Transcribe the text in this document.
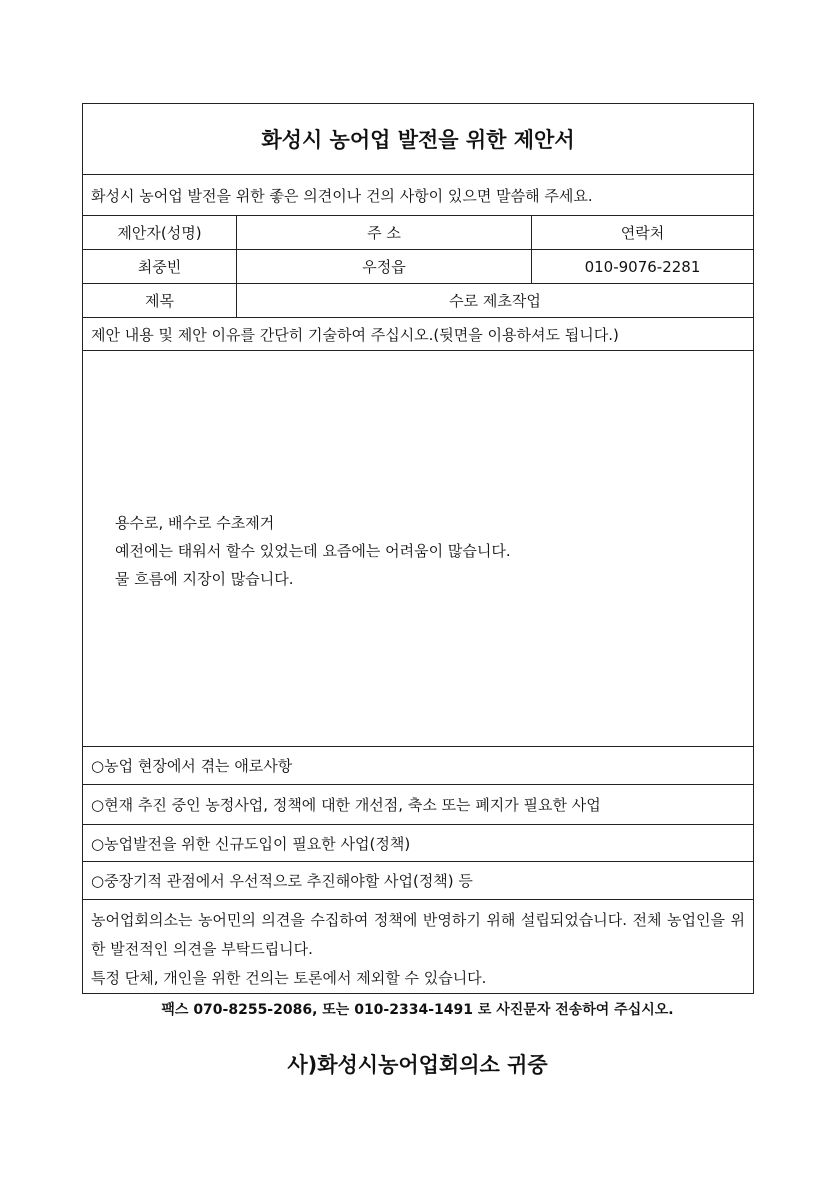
화성시 농어업 발전을 위한 제안서
화성시 농어업 발전을 위한 좋은 의견이나 건의 사항이 있으면 말씀해 주세요.
제안자(성명)	주 소	연락처
최중빈	우정읍	010-9076-2281
제목	수로 제초작업
제안 내용 및 제안 이유를 간단히 기술하여 주십시오.(뒷면을 이용하셔도 됩니다.)
용수로, 배수로 수초제거
예전에는 태워서 할수 있었는데 요즘에는 어려움이 많습니다.
물 흐름에 지장이 많습니다.
○농업 현장에서 겪는 애로사항
○현재 추진 중인 농정사업, 정책에 대한 개선점, 축소 또는 폐지가 필요한 사업
○농업발전을 위한 신규도입이 필요한 사업(정책)
○중장기적 관점에서 우선적으로 추진해야할 사업(정책) 등
농어업회의소는 농어민의 의견을 수집하여 정책에 반영하기 위해 설립되었습니다. 전체 농업인을 위한 발전적인 의견을 부탁드립니다.
특정 단체, 개인을 위한 건의는 토론에서 제외할 수 있습니다.
팩스 070-8255-2086, 또는 010-2334-1491 로 사진문자 전송하여 주십시오.
사)화성시농어업회의소 귀중
